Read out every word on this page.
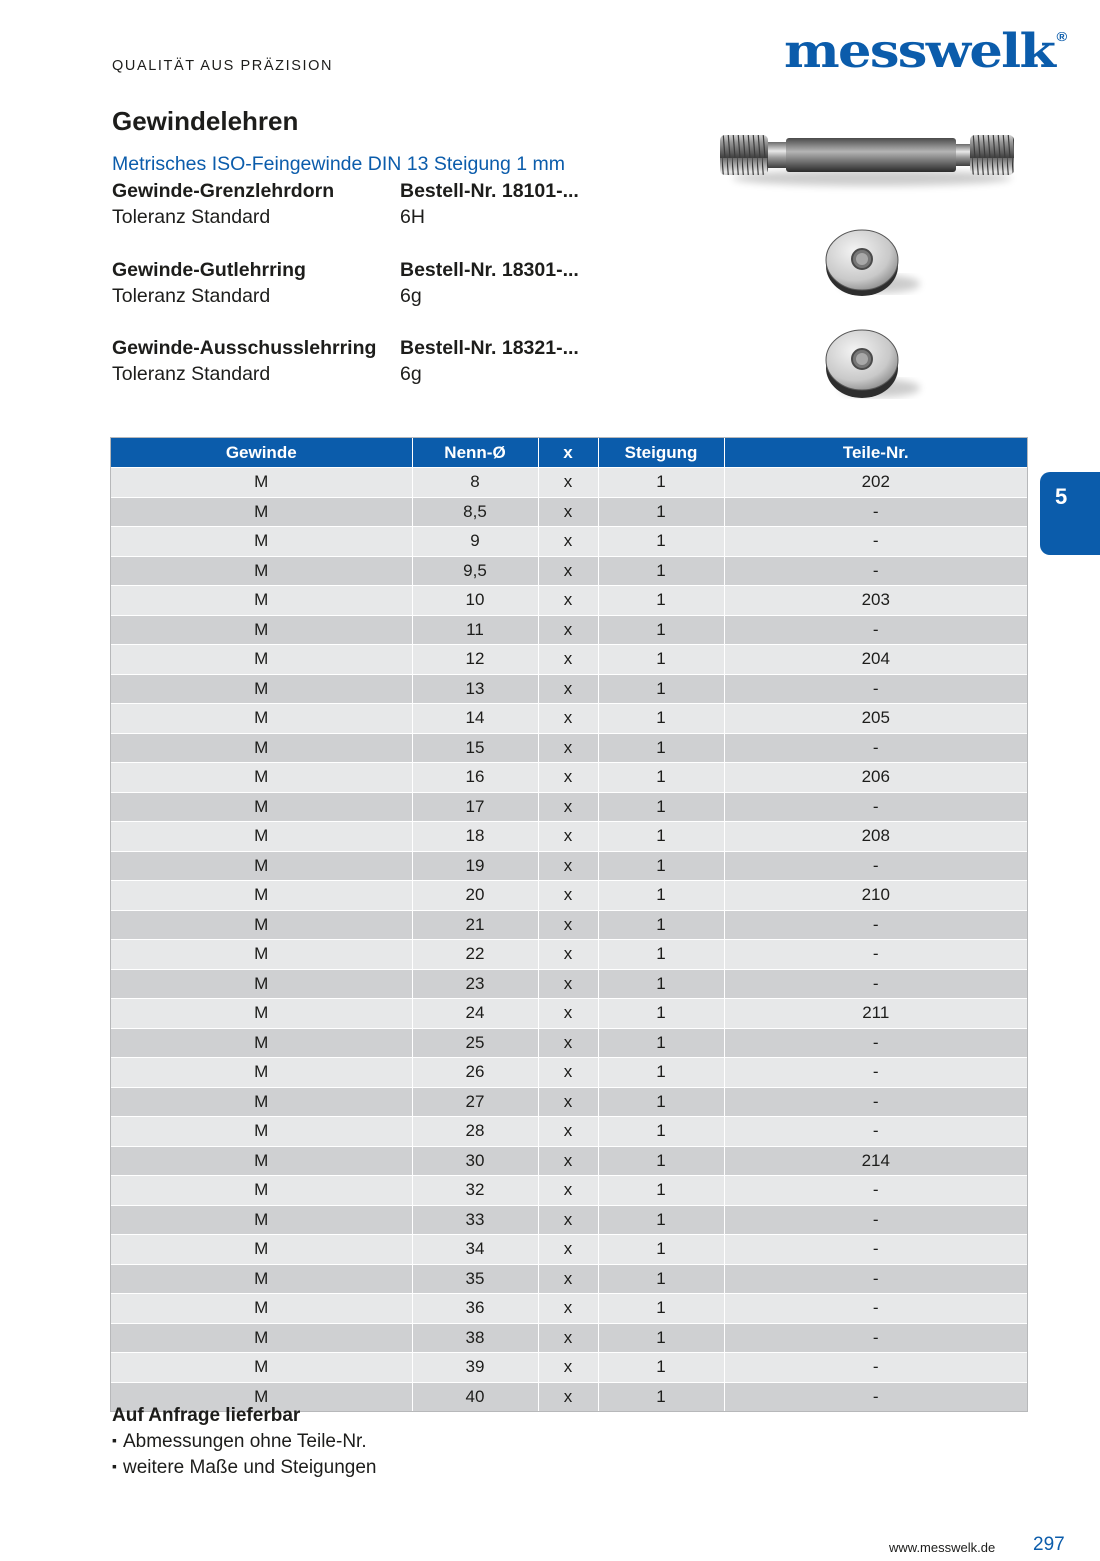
QUALITÄT AUS PRÄZISION	messwelk ®
Gewindelehren
Metrisches ISO-Feingewinde DIN 13 Steigung 1 mm
Gewinde-Grenzlehrdorn	Bestell-Nr. 18101-...
Toleranz Standard	6H
Gewinde-Gutlehrring	Bestell-Nr. 18301-...
Toleranz Standard	6g
Gewinde-Ausschusslehrring	Bestell-Nr. 18321-...
Toleranz Standard	6g
5
Gewinde	Nenn-Ø	x	Steigung	Teile-Nr.
M	8	x	1	202
M	8,5	x	1	-
M	9	x	1	-
M	9,5	x	1	-
M	10	x	1	203
M	11	x	1	-
M	12	x	1	204
M	13	x	1	-
M	14	x	1	205
M	15	x	1	-
M	16	x	1	206
M	17	x	1	-
M	18	x	1	208
M	19	x	1	-
M	20	x	1	210
M	21	x	1	-
M	22	x	1	-
M	23	x	1	-
M	24	x	1	211
M	25	x	1	-
M	26	x	1	-
M	27	x	1	-
M	28	x	1	-
M	30	x	1	214
M	32	x	1	-
M	33	x	1	-
M	34	x	1	-
M	35	x	1	-
M	36	x	1	-
M	38	x	1	-
M	39	x	1	-
M	40	x	1	-
Auf Anfrage lieferbar
▪ Abmessungen ohne Teile-Nr.
▪ weitere Maße und Steigungen
www.messwelk.de 297
